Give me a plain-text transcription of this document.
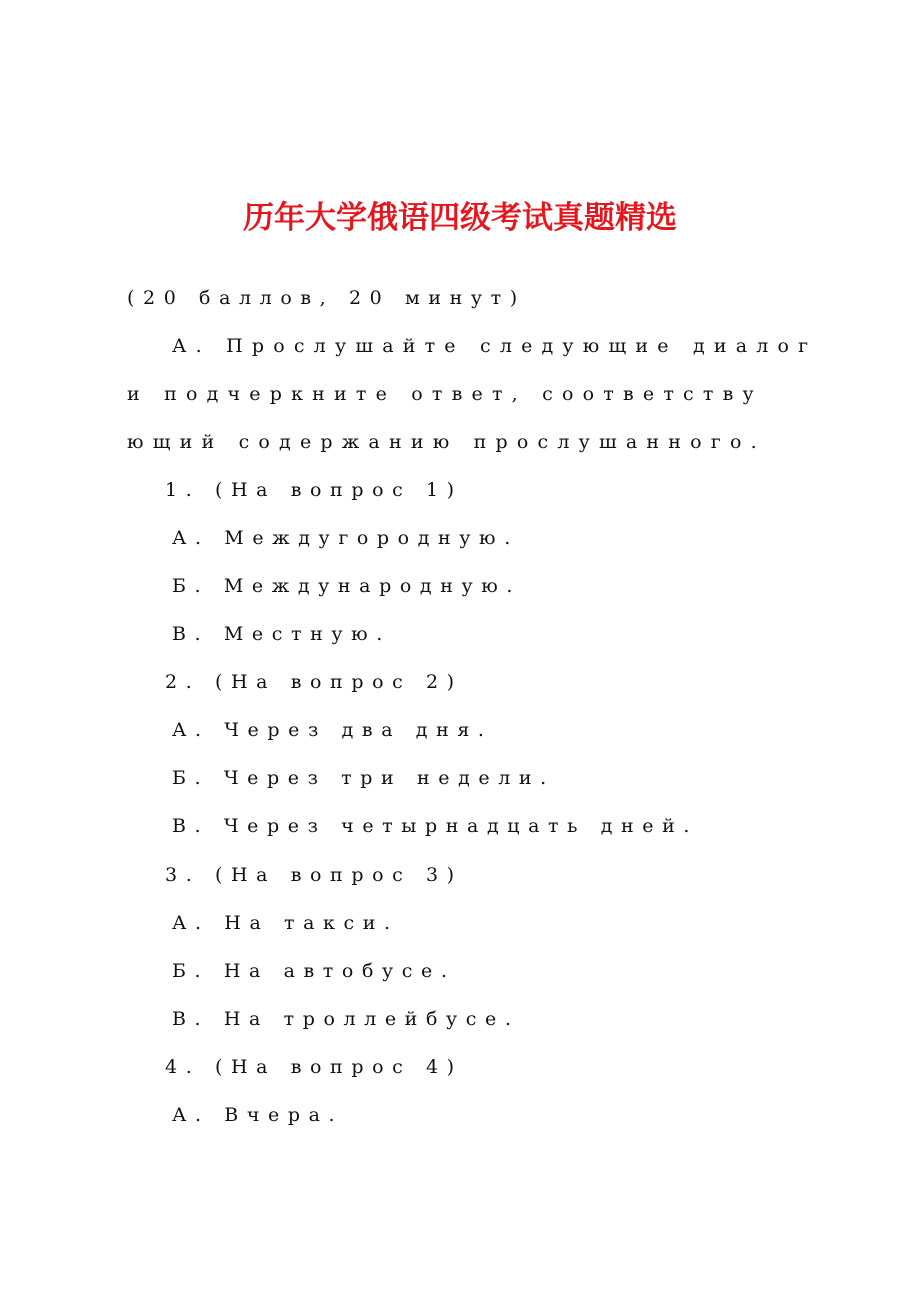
历年大学俄语四级考试真题精选
(20 баллов, 20 минут)
А. Прослушайте следующие диалог
и подчеркните ответ, соответству
ющий содержанию прослушанного.
1. (На вопрос 1)
А. Междугородную.
Б. Международную.
В. Местную.
2. (На вопрос 2)
А. Через два дня.
Б. Через три недели.
В. Через четырнадцать дней.
3. (На вопрос 3)
А. На такси.
Б. На автобусе.
В. На троллейбусе.
4. (На вопрос 4)
А. Вчера.
